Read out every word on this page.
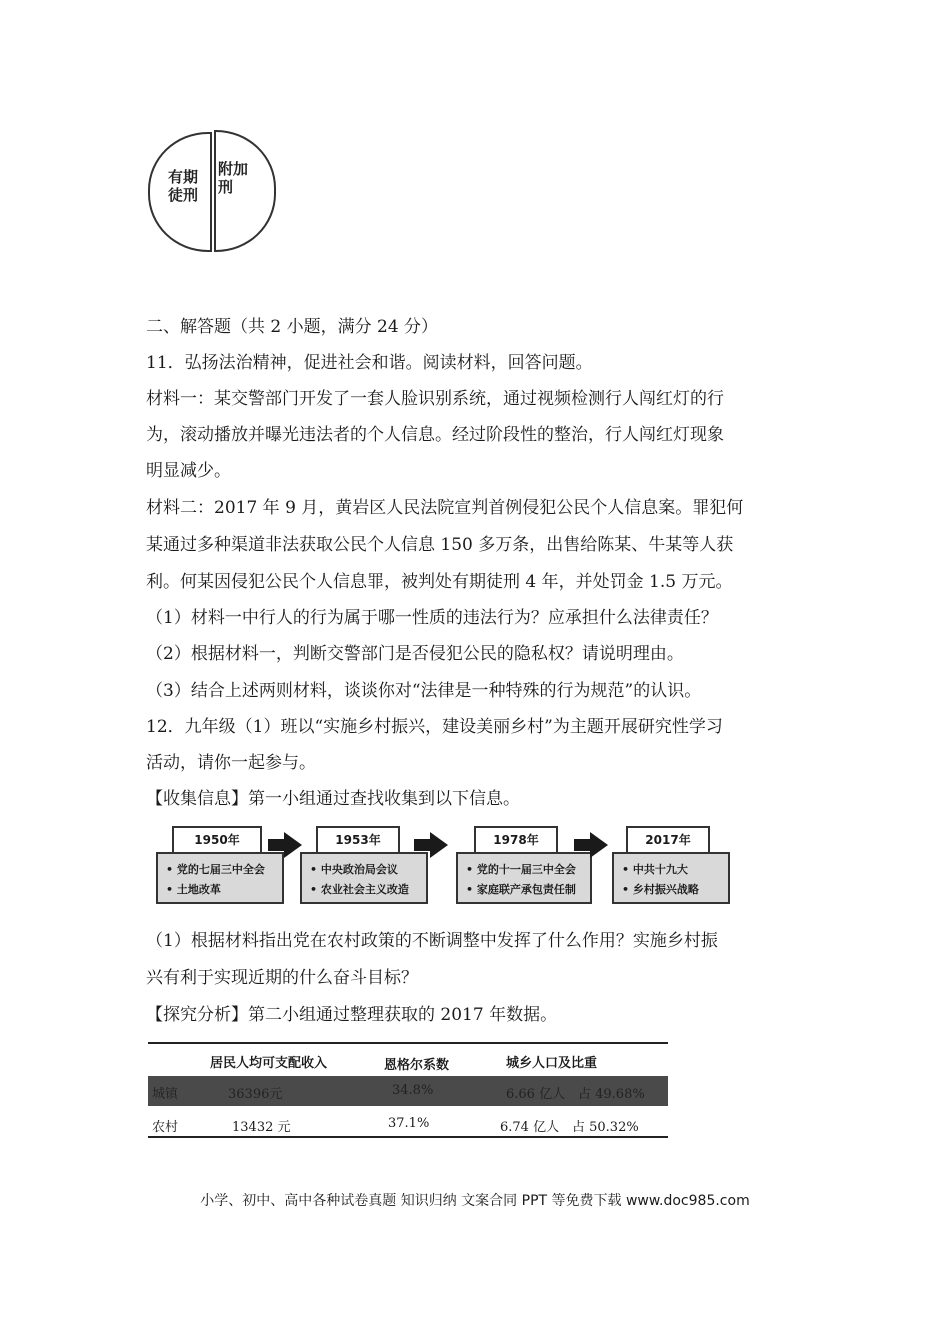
有期徒刑
附加刑
二、解答题（共 2 小题，满分 24 分）
11．弘扬法治精神，促进社会和谐。阅读材料，回答问题。
材料一：某交警部门开发了一套人脸识别系统，通过视频检测行人闯红灯的行
为，滚动播放并曝光违法者的个人信息。经过阶段性的整治，行人闯红灯现象
明显减少。
材料二：2017 年 9 月，黄岩区人民法院宣判首例侵犯公民个人信息案。罪犯何
某通过多种渠道非法获取公民个人信息 150 多万条，出售给陈某、牛某等人获
利。何某因侵犯公民个人信息罪，被判处有期徒刑 4 年，并处罚金 1.5 万元。
（1）材料一中行人的行为属于哪一性质的违法行为？应承担什么法律责任？
（2）根据材料一，判断交警部门是否侵犯公民的隐私权？请说明理由。
（3）结合上述两则材料，谈谈你对“法律是一种特殊的行为规范”的认识。
12．九年级（1）班以“实施乡村振兴，建设美丽乡村”为主题开展研究性学习
活动，请你一起参与。
【收集信息】第一小组通过查找收集到以下信息。
1950年
• 党的七届三中全会
• 土地改革
1953年
• 中央政治局会议
• 农业社会主义改造
1978年
• 党的十一届三中全会
• 家庭联产承包责任制
2017年
• 中共十九大
• 乡村振兴战略
（1）根据材料指出党在农村政策的不断调整中发挥了什么作用？实施乡村振
兴有利于实现近期的什么奋斗目标？
【探究分析】第二小组通过整理获取的 2017 年数据。
居民人均可支配收入	恩格尔系数	城乡人口及比重
城镇	36396元	34.8%	6.66 亿人 占 49.68%
农村	13432 元	37.1%	6.74 亿人 占 50.32%
小学、初中、高中各种试卷真题 知识归纳 文案合同 PPT 等免费下载 www.doc985.com
